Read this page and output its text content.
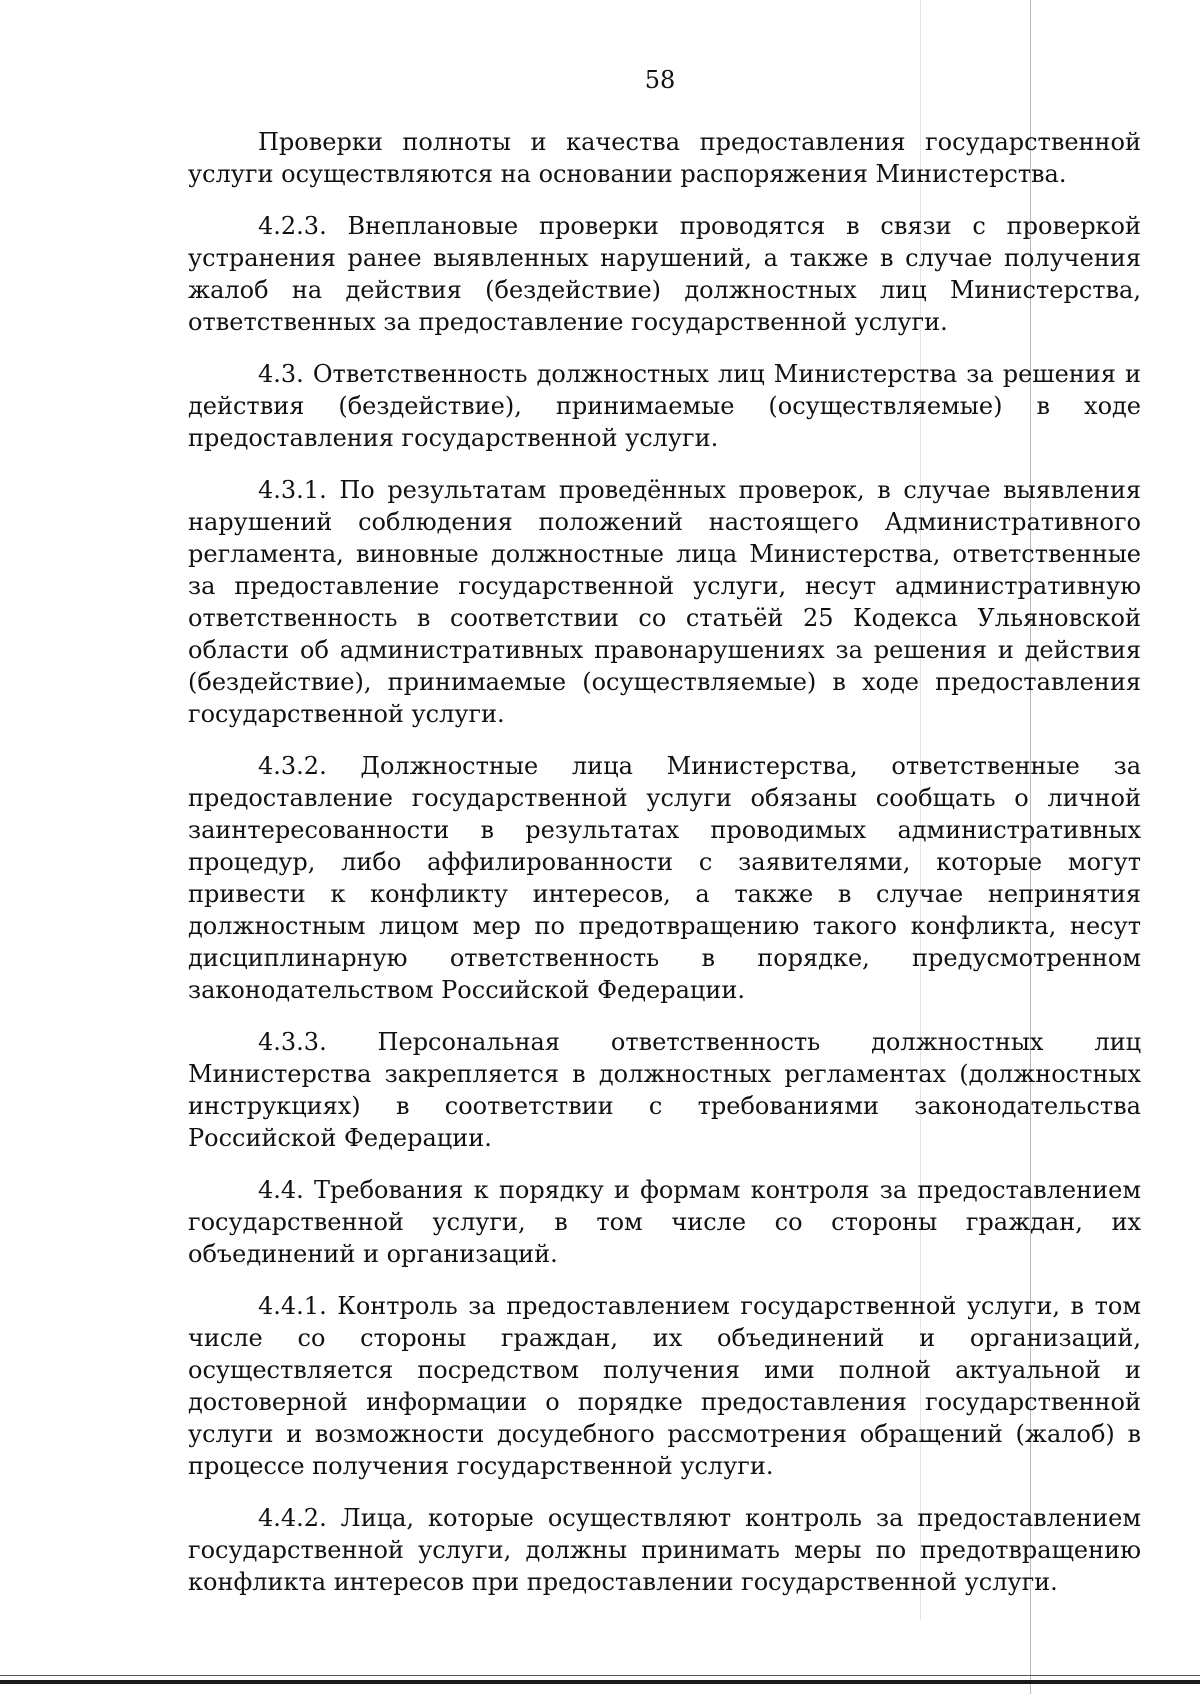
58

Проверки полноты и качества предоставления государственной услуги осуществляются на основании распоряжения Министерства.

4.2.3. Внеплановые проверки проводятся в связи с проверкой устранения ранее выявленных нарушений, а также в случае получения жалоб на действия (бездействие) должностных лиц Министерства, ответственных за предоставление государственной услуги.

4.3. Ответственность должностных лиц Министерства за решения и действия (бездействие), принимаемые (осуществляемые) в ходе предоставления государственной услуги.

4.3.1. По результатам проведённых проверок, в случае выявления нарушений соблюдения положений настоящего Административного регламента, виновные должностные лица Министерства, ответственные за предоставление государственной услуги, несут административную ответственность в соответствии со статьёй 25 Кодекса Ульяновской области об административных правонарушениях за решения и действия (бездействие), принимаемые (осуществляемые) в ходе предоставления государственной услуги.

4.3.2. Должностные лица Министерства, ответственные за предоставление государственной услуги обязаны сообщать о личной заинтересованности в результатах проводимых административных процедур, либо аффилированности с заявителями, которые могут привести к конфликту интересов, а также в случае непринятия должностным лицом мер по предотвращению такого конфликта, несут дисциплинарную ответственность в порядке, предусмотренном законодательством Российской Федерации.

4.3.3. Персональная ответственность должностных лиц Министерства закрепляется в должностных регламентах (должностных инструкциях) в соответствии с требованиями законодательства Российской Федерации.

4.4. Требования к порядку и формам контроля за предоставлением государственной услуги, в том числе со стороны граждан, их объединений и организаций.

4.4.1. Контроль за предоставлением государственной услуги, в том числе со стороны граждан, их объединений и организаций, осуществляется посредством получения ими полной актуальной и достоверной информации о порядке предоставления государственной услуги и возможности досудебного рассмотрения обращений (жалоб) в процессе получения государственной услуги.

4.4.2. Лица, которые осуществляют контроль за предоставлением государственной услуги, должны принимать меры по предотвращению конфликта интересов при предоставлении государственной услуги.
